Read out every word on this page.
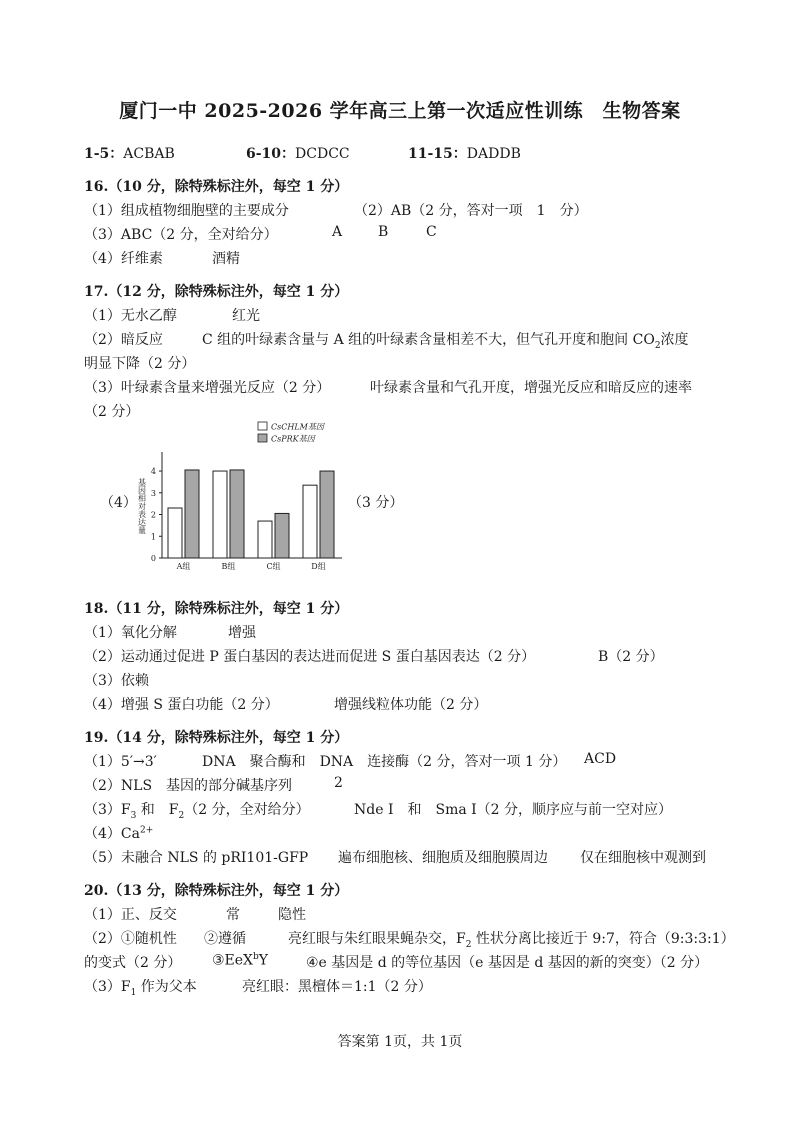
厦门一中 2025-2026 学年高三上第一次适应性训练　生物答案
1-5：ACBAB	6-10：DCDCC	11-15：DADDB
16.（10 分，除特殊标注外，每空 1 分）
（1）组成植物细胞壁的主要成分	（2）AB（2 分，答对一项　1　分）
（3）ABC（2 分，全对给分）	A	B	C
（4）纤维素	酒精
17.（12 分，除特殊标注外，每空 1 分）
（1）无水乙醇	红光
（2）暗反应	C 组的叶绿素含量与 A 组的叶绿素含量相差不大，但气孔开度和胞间 $CO_2$浓度
明显下降（2 分）
（3）叶绿素含量来增强光反应（2 分）	叶绿素含量和气孔开度，增强光反应和暗反应的速率
（2 分）
（4）	（3 分）
CsCHLM基因
CsPRK基因
0
1
2
3
4
基因相对表达量
A组	B组	C组	D组
18.（11 分，除特殊标注外，每空 1 分）
（1）氧化分解	增强
（2）运动通过促进 P 蛋白基因的表达进而促进 S 蛋白基因表达（2 分）	B（2 分）
（3）依赖
（4）增强 S 蛋白功能（2 分）	增强线粒体功能（2 分）
19.（14 分，除特殊标注外，每空 1 分）
（1）5′→3′	DNA　聚合酶和　DNA　连接酶（2 分，答对一项 1 分） ACD
（2）NLS　基因的部分碱基序列	2
$(3)F_3$ 和　$F_2(2$ 分，全对给分）	Nde I　和　Sma I（2 分，顺序应与前一空对应）
$(4)Ca^{2+}$
（5）未融合 NLS 的 pRI101-GFP 遍布细胞核、细胞质及细胞膜周边 仅在细胞核中观测到
20.（13 分，除特殊标注外，每空 1 分）
（1）正、反交	常	隐性
（2）①随机性 ②遵循	亮红眼与朱红眼果蝇杂交，$F_2$ 性状分离比接近于 9:7，符合（9:3:3:1）
的变式（2 分） ③EeX$^b$Y	④e 基因是 d 的等位基因（e 基因是 d 基因的新的突变）（2 分）
$(3)F_1$ 作为父本	亮红眼：黑檀体＝1:1（2 分）
答案第 1页，共 1页
